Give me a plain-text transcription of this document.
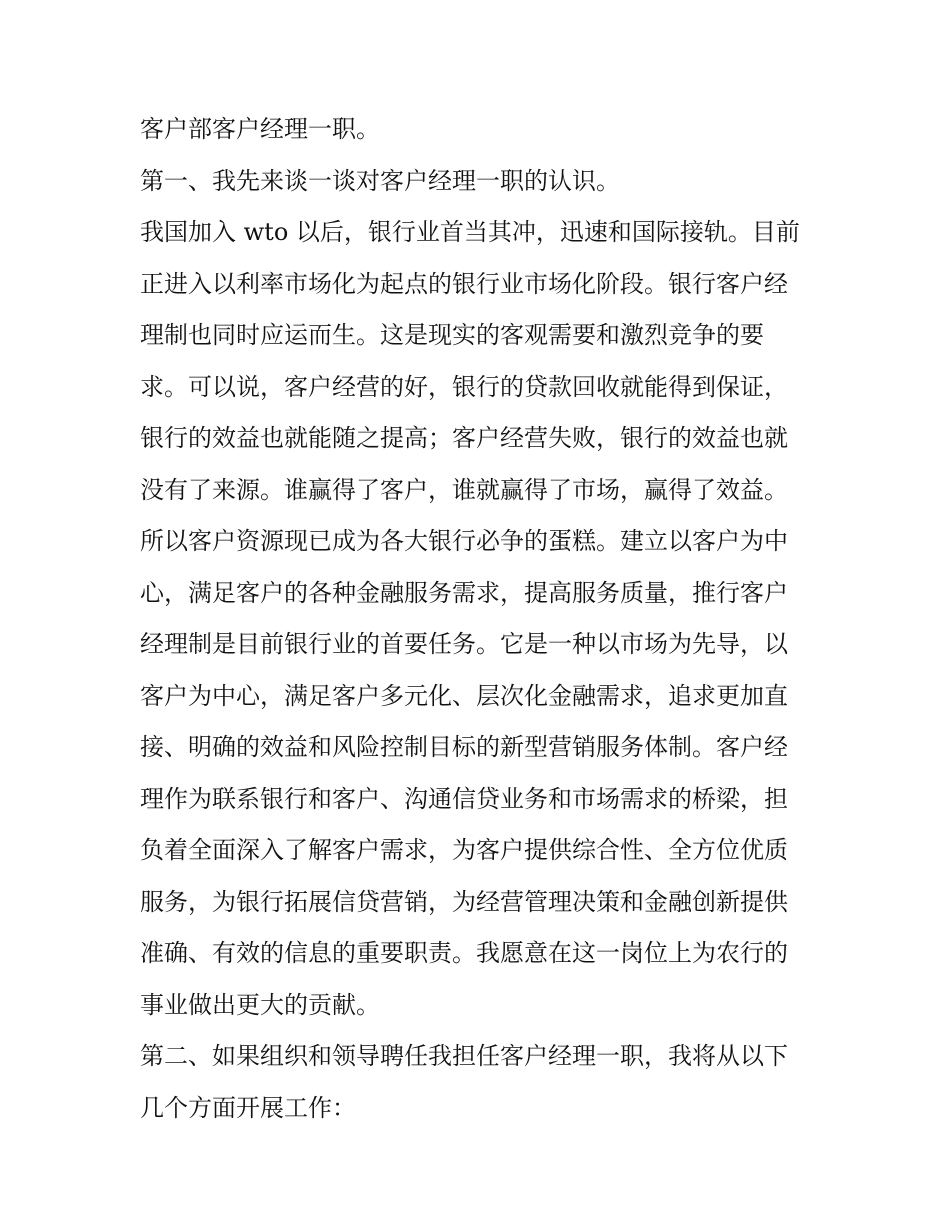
客户部客户经理一职。
第一、我先来谈一谈对客户经理一职的认识。
我国加入 wto 以后，银行业首当其冲，迅速和国际接轨。目前
正进入以利率市场化为起点的银行业市场化阶段。银行客户经
理制也同时应运而生。这是现实的客观需要和激烈竞争的要
求。可以说，客户经营的好，银行的贷款回收就能得到保证，
银行的效益也就能随之提高；客户经营失败，银行的效益也就
没有了来源。谁赢得了客户，谁就赢得了市场，赢得了效益。
所以客户资源现已成为各大银行必争的蛋糕。建立以客户为中
心，满足客户的各种金融服务需求，提高服务质量，推行客户
经理制是目前银行业的首要任务。它是一种以市场为先导，以
客户为中心，满足客户多元化、层次化金融需求，追求更加直
接、明确的效益和风险控制目标的新型营销服务体制。客户经
理作为联系银行和客户、沟通信贷业务和市场需求的桥梁，担
负着全面深入了解客户需求，为客户提供综合性、全方位优质
服务，为银行拓展信贷营销，为经营管理决策和金融创新提供
准确、有效的信息的重要职责。我愿意在这一岗位上为农行的
事业做出更大的贡献。
第二、如果组织和领导聘任我担任客户经理一职，我将从以下
几个方面开展工作：
